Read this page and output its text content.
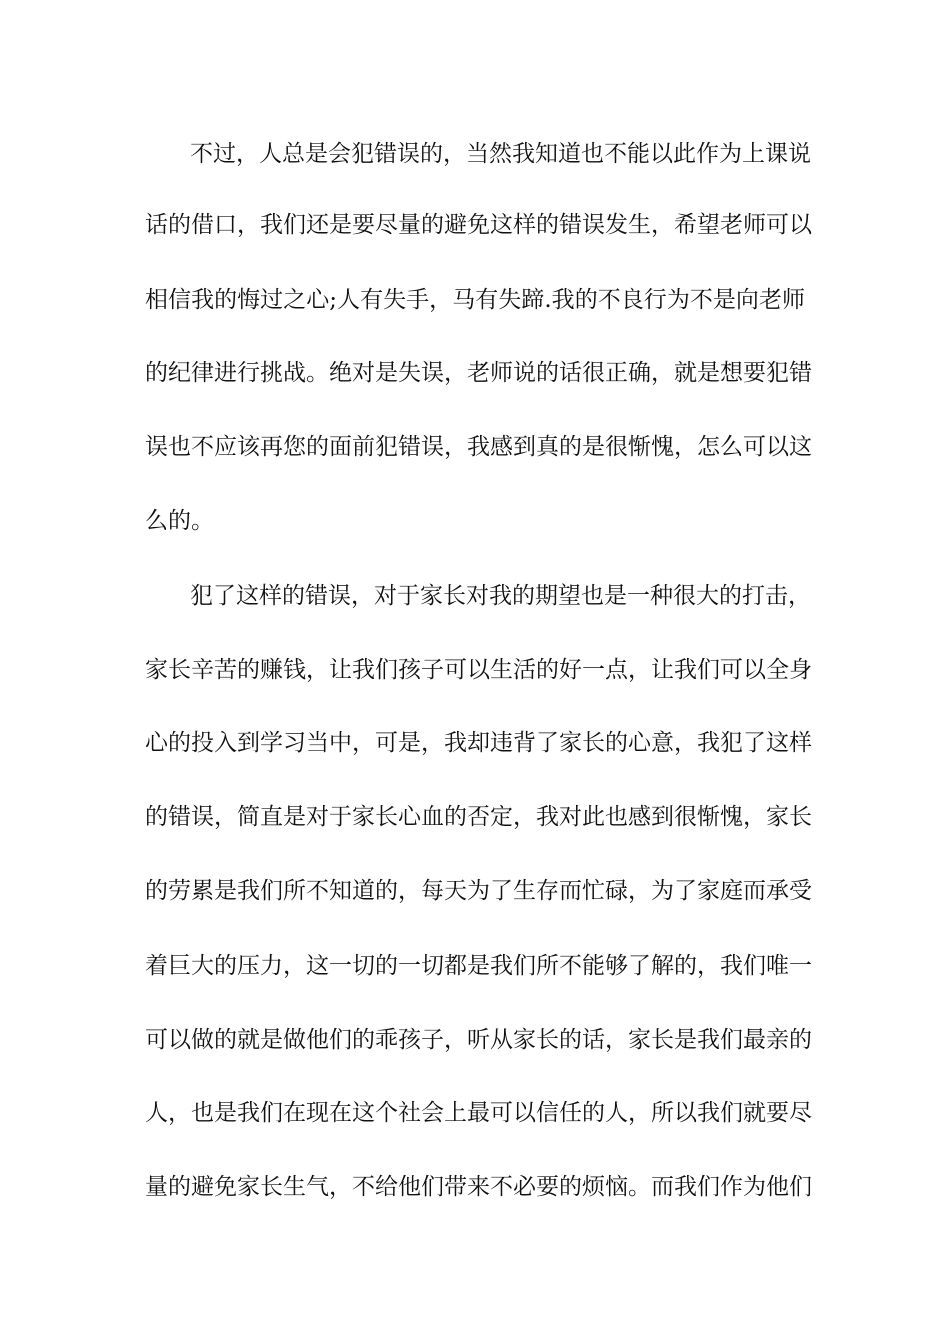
不过，人总是会犯错误的，当然我知道也不能以此作为上课说
话的借口，我们还是要尽量的避免这样的错误发生，希望老师可以
相信我的悔过之心;人有失手，马有失蹄.我的不良行为不是向老师
的纪律进行挑战。绝对是失误，老师说的话很正确，就是想要犯错
误也不应该再您的面前犯错误，我感到真的是很惭愧，怎么可以这
么的。
犯了这样的错误，对于家长对我的期望也是一种很大的打击，
家长辛苦的赚钱，让我们孩子可以生活的好一点，让我们可以全身
心的投入到学习当中，可是，我却违背了家长的心意，我犯了这样
的错误，简直是对于家长心血的否定，我对此也感到很惭愧，家长
的劳累是我们所不知道的，每天为了生存而忙碌，为了家庭而承受
着巨大的压力，这一切的一切都是我们所不能够了解的，我们唯一
可以做的就是做他们的乖孩子，听从家长的话，家长是我们最亲的
人，也是我们在现在这个社会上最可以信任的人，所以我们就要尽
量的避免家长生气，不给他们带来不必要的烦恼。而我们作为他们
